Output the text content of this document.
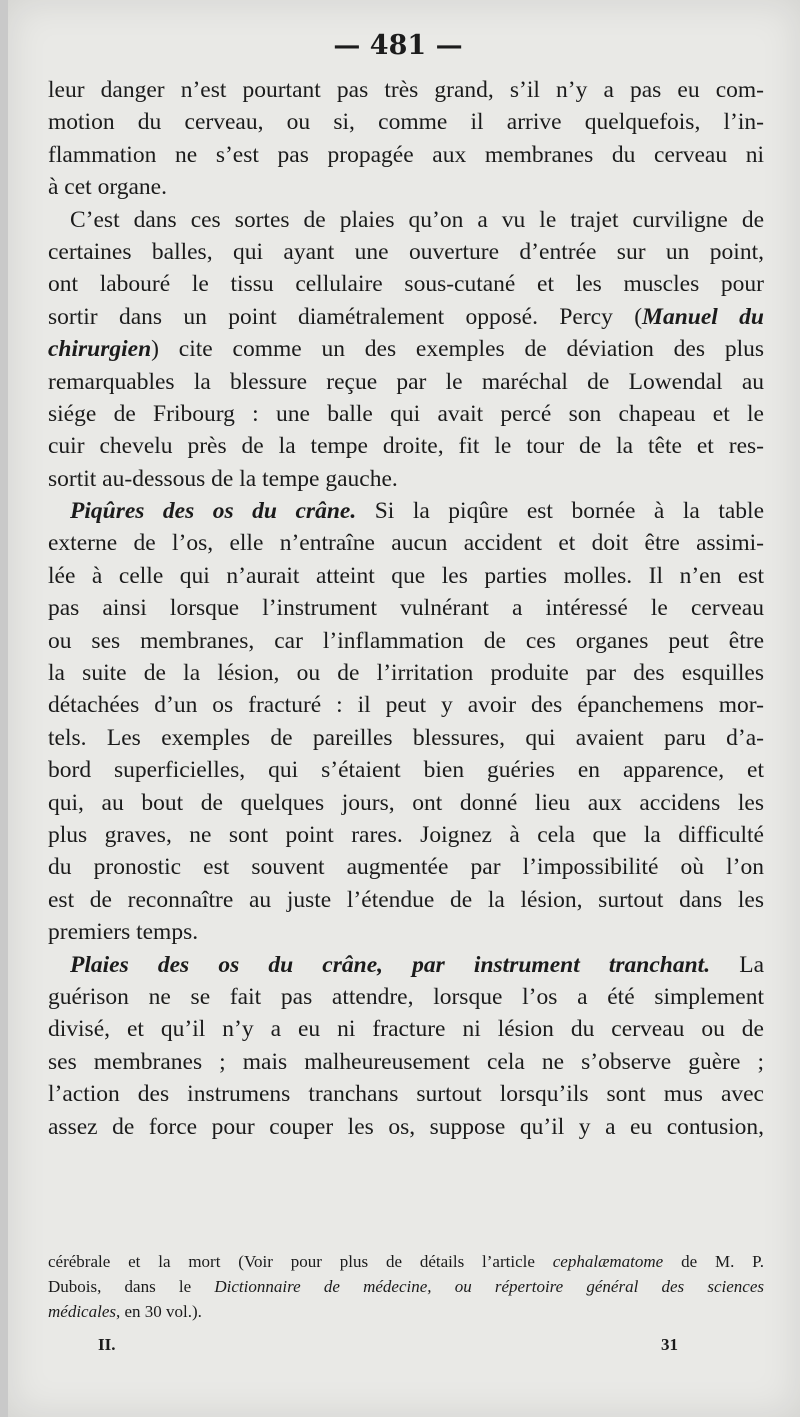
— 481 —
leur danger n’est pourtant pas très grand, s’il n’y a pas eu com-
motion du cerveau, ou si, comme il arrive quelquefois, l’in-
flammation ne s’est pas propagée aux membranes du cerveau ni
à cet organe.
C’est dans ces sortes de plaies qu’on a vu le trajet curviligne de
certaines balles, qui ayant une ouverture d’entrée sur un point,
ont labouré le tissu cellulaire sous-cutané et les muscles pour
sortir dans un point diamétralement opposé. Percy (Manuel du
chirurgien) cite comme un des exemples de déviation des plus
remarquables la blessure reçue par le maréchal de Lowendal au
siége de Fribourg : une balle qui avait percé son chapeau et le
cuir chevelu près de la tempe droite, fit le tour de la tête et res-
sortit au-dessous de la tempe gauche.
Piqûres des os du crâne. Si la piqûre est bornée à la table
externe de l’os, elle n’entraîne aucun accident et doit être assimi-
lée à celle qui n’aurait atteint que les parties molles. Il n’en est
pas ainsi lorsque l’instrument vulnérant a intéressé le cerveau
ou ses membranes, car l’inflammation de ces organes peut être
la suite de la lésion, ou de l’irritation produite par des esquilles
détachées d’un os fracturé : il peut y avoir des épanchemens mor-
tels. Les exemples de pareilles blessures, qui avaient paru d’a-
bord superficielles, qui s’étaient bien guéries en apparence, et
qui, au bout de quelques jours, ont donné lieu aux accidens les
plus graves, ne sont point rares. Joignez à cela que la difficulté
du pronostic est souvent augmentée par l’impossibilité où l’on
est de reconnaître au juste l’étendue de la lésion, surtout dans les
premiers temps.
Plaies des os du crâne, par instrument tranchant. La
guérison ne se fait pas attendre, lorsque l’os a été simplement
divisé, et qu’il n’y a eu ni fracture ni lésion du cerveau ou de
ses membranes ; mais malheureusement cela ne s’observe guère ;
l’action des instrumens tranchans surtout lorsqu’ils sont mus avec
assez de force pour couper les os, suppose qu’il y a eu contusion,
cérébrale et la mort (Voir pour plus de détails l’article cephalæmatome de M. P.
Dubois, dans le Dictionnaire de médecine, ou répertoire général des sciences
médicales, en 30 vol.).
II.	31
